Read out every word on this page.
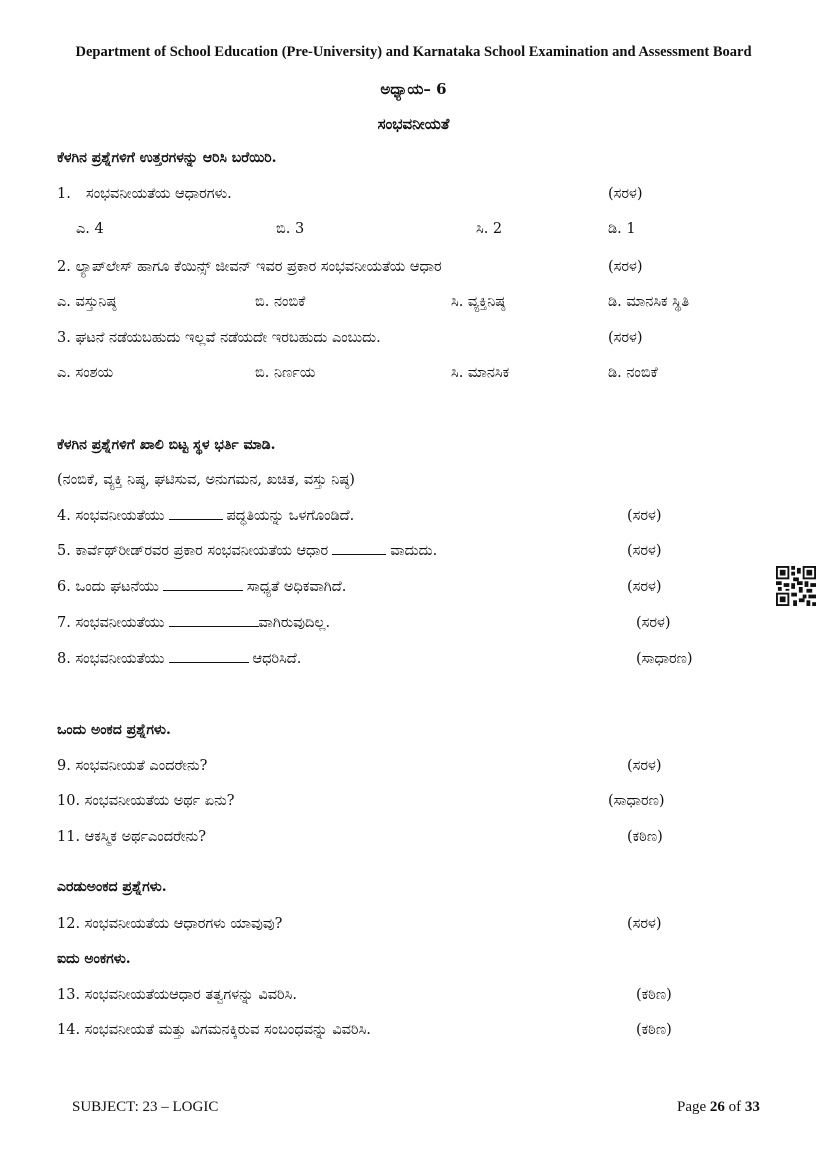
Department of School Education (Pre-University) and Karnataka School Examination and Assessment Board
ಅಧ್ಯಾಯ– 6
ಸಂಭವನೀಯತೆ
ಕೆಳಗಿನ ಪ್ರಶ್ನೆಗಳಿಗೆ ಉತ್ತರಗಳನ್ನು ಆರಿಸಿ ಬರೆಯಿರಿ.
1. ಸಂಭವನೀಯತೆಯ ಆಧಾರಗಳು.	(ಸರಳ)
ಎ. 4	ಬಿ. 3	ಸಿ. 2	ಡಿ. 1
2. ಲ್ಯಾಪ್‌ಲೇಸ್ ಹಾಗೂ ಕೆಯಿನ್ಸ್ ಜೀವನ್ ಇವರ ಪ್ರಕಾರ ಸಂಭವನೀಯತೆಯ ಆಧಾರ	(ಸರಳ)
ಎ. ವಸ್ತುನಿಷ್ಠ	ಬಿ. ನಂಬಿಕೆ	ಸಿ. ವ್ಯಕ್ತಿನಿಷ್ಠ	ಡಿ. ಮಾನಸಿಕ ಸ್ಥಿತಿ
3. ಘಟನೆ ನಡೆಯಬಹುದು ಇಲ್ಲವೆ ನಡೆಯದೇ ಇರಬಹುದು ಎಂಬುದು.	(ಸರಳ)
ಎ. ಸಂಶಯ	ಬಿ. ನಿರ್ಣಯ	ಸಿ. ಮಾನಸಿಕ	ಡಿ. ನಂಬಿಕೆ
ಕೆಳಗಿನ ಪ್ರಶ್ನೆಗಳಿಗೆ ಖಾಲಿ ಬಿಟ್ಟ ಸ್ಥಳ ಭರ್ತಿ ಮಾಡಿ.
(ನಂಬಿಕೆ, ವ್ಯಕ್ತಿ ನಿಷ್ಠ, ಘಟಿಸುವ, ಅನುಗಮನ, ಖಚಿತ, ವಸ್ತು ನಿಷ್ಠ)
4. ಸಂಭವನೀಯತೆಯು	ಪದ್ಧತಿಯನ್ನು ಒಳಗೊಂಡಿದೆ.	(ಸರಳ)
5. ಕಾರ್ವೆಥ್‌ರೀಡ್‌ರವರ ಪ್ರಕಾರ ಸಂಭವನೀಯತೆಯ ಆಧಾರ	ವಾದುದು.	(ಸರಳ)
6. ಒಂದು ಘಟನೆಯು	ಸಾಧ್ಯತೆ ಅಧಿಕವಾಗಿದೆ.	(ಸರಳ)
7. ಸಂಭವನೀಯತೆಯು	ವಾಗಿರುವುದಿಲ್ಲ.	(ಸರಳ)
8. ಸಂಭವನೀಯತೆಯು	ಆಧರಿಸಿದೆ.	(ಸಾಧಾರಣ)
ಒಂದು ಅಂಕದ ಪ್ರಶ್ನೆಗಳು.
9. ಸಂಭವನೀಯತೆ ಎಂದರೇನು?	(ಸರಳ)
10. ಸಂಭವನೀಯತೆಯ ಅರ್ಥ ಏನು?	(ಸಾಧಾರಣ)
11. ಆಕಸ್ಮಿಕ ಅರ್ಥಎಂದರೇನು?	(ಕಠಿಣ)
ಎರಡುಅಂಕದ ಪ್ರಶ್ನೆಗಳು.
12. ಸಂಭವನೀಯತೆಯ ಆಧಾರಗಳು ಯಾವುವು?	(ಸರಳ)
ಐದು ಅಂಕಗಳು.
13. ಸಂಭವನೀಯತೆಯಆಧಾರ ತತ್ವಗಳನ್ನು ವಿವರಿಸಿ.	(ಕಠಿಣ)
14. ಸಂಭವನೀಯತೆ ಮತ್ತು ವಿಗಮನಕ್ಕಿರುವ ಸಂಬಂಧವನ್ನು ವಿವರಿಸಿ.	(ಕಠಿಣ)
SUBJECT: 23 – LOGIC	Page 26 of 33
